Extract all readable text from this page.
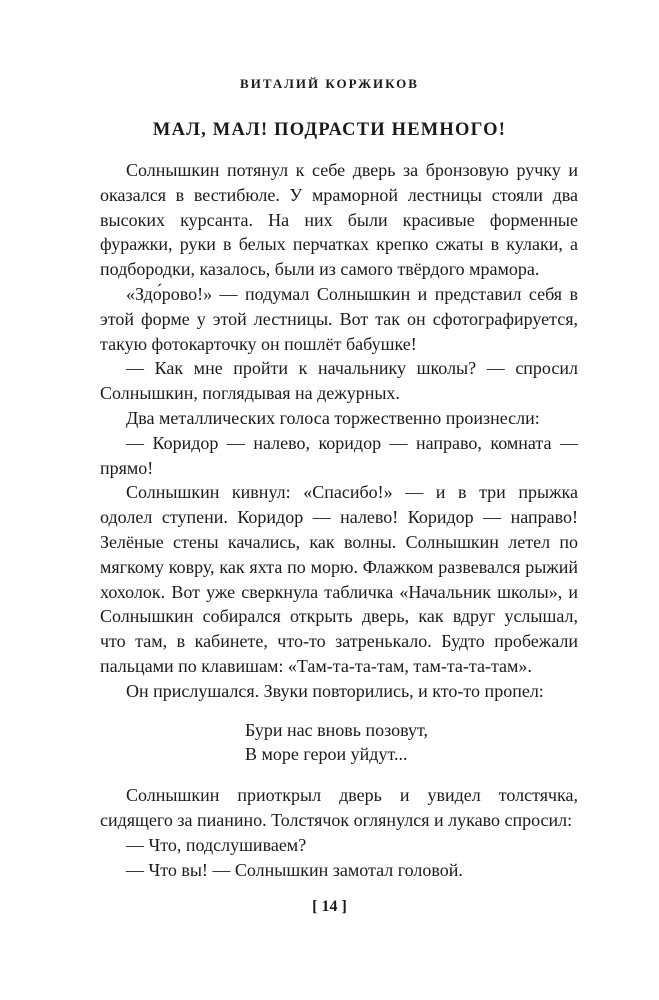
ВИТАЛИЙ КОРЖИКОВ
МАЛ, МАЛ! ПОДРАСТИ НЕМНОГО!

Солнышкин потянул к себе дверь за бронзовую ручку и оказался в вестибюле. У мраморной лестницы стояли два высоких курсанта. На них были красивые форменные фуражки, руки в белых перчатках крепко сжаты в кулаки, а подбородки, казалось, были из самого твёрдого мрамора.

«Здо́рово!» — подумал Солнышкин и представил себя в этой форме у этой лестницы. Вот так он сфотографируется, такую фотокарточку он пошлёт бабушке!

— Как мне пройти к начальнику школы? — спросил Солнышкин, поглядывая на дежурных.

Два металлических голоса торжественно произнесли:

— Коридор — налево, коридор — направо, комната — прямо!

Солнышкин кивнул: «Спасибо!» — и в три прыжка одолел ступени. Коридор — налево! Коридор — направо! Зелёные стены качались, как волны. Солнышкин летел по мягкому ковру, как яхта по морю. Флажком развевался рыжий хохолок. Вот уже сверкнула табличка «Начальник школы», и Солнышкин собирался открыть дверь, как вдруг услышал, что там, в кабинете, что-то затренькало. Будто пробежали пальцами по клавишам: «Там-та-та-там, там-та-та-там».

Он прислушался. Звуки повторились, и кто-то пропел:

Бури нас вновь позовут,
В море герои уйдут...

Солнышкин приоткрыл дверь и увидел толстячка, сидящего за пианино. Толстячок оглянулся и лукаво спросил:

— Что, подслушиваем?

— Что вы! — Солнышкин замотал головой.

[ 14 ]
